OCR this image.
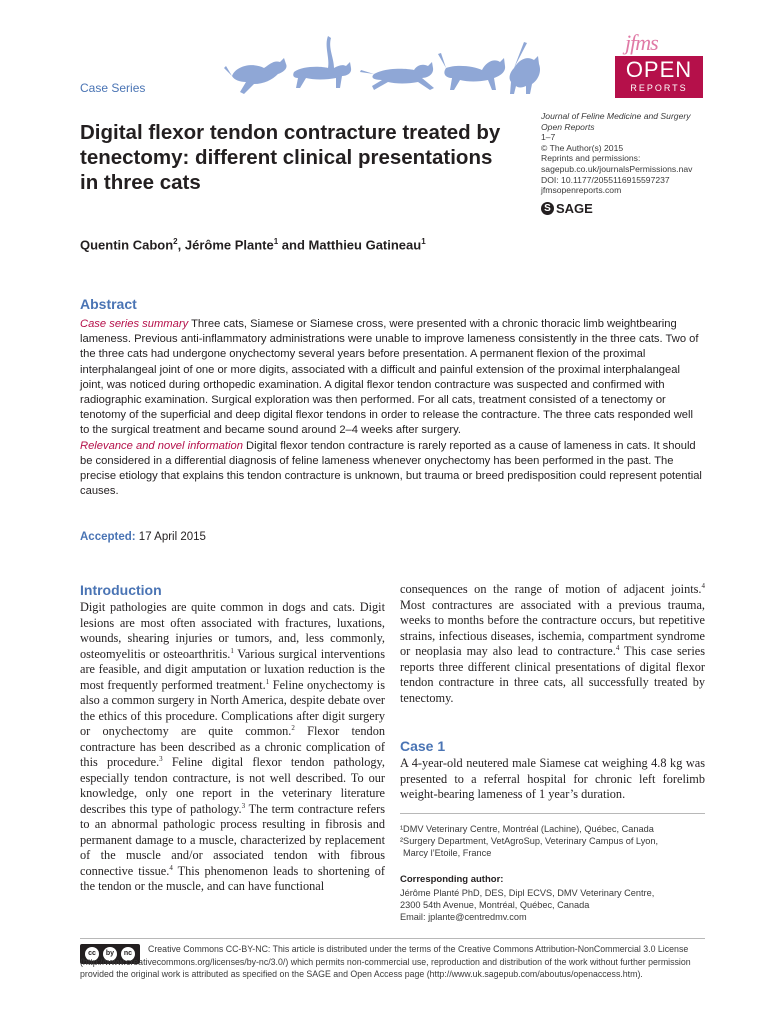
Case Series
jfms
OPEN
REPORTS
Digital flexor tendon contracture treated by tenectomy: different clinical presentations in three cats
Journal of Feline Medicine and Surgery
Open Reports
1–7
© The Author(s) 2015
Reprints and permissions:
sagepub.co.uk/journalsPermissions.nav
DOI: 10.1177/2055116915597237
jfmsopenreports.com
S SAGE
Quentin Cabon$^2$, Jérôme Plante$^1$ and Matthieu Gatineau$^1$
Abstract
Case series summary Three cats, Siamese or Siamese cross, were presented with a chronic thoracic limb weightbearing lameness. Previous anti-inflammatory administrations were unable to improve lameness consistently in the three cats. Two of the three cats had undergone onychectomy several years before presentation. A permanent flexion of the proximal interphalangeal joint of one or more digits, associated with a difficult and painful extension of the proximal interphalangeal joint, was noticed during orthopedic examination. A digital flexor tendon contracture was suspected and confirmed with radiographic examination. Surgical exploration was then performed. For all cats, treatment consisted of a tenectomy or tenotomy of the superficial and deep digital flexor tendons in order to release the contracture. The three cats responded well to the surgical treatment and became sound around 2–4 weeks after surgery.
Relevance and novel information Digital flexor tendon contracture is rarely reported as a cause of lameness in cats. It should be considered in a differential diagnosis of feline lameness whenever onychectomy has been performed in the past. The precise etiology that explains this tendon contracture is unknown, but trauma or breed predisposition could represent potential causes.
Accepted: 17 April 2015
Introduction
Digit pathologies are quite common in dogs and cats. Digit lesions are most often associated with fractures, luxations, wounds, shearing injuries or tumors, and, less commonly, osteomyelitis or osteoarthritis.$^1$ Various surgical interventions are feasible, and digit amputation or luxation reduction is the most frequently performed treatment.$^1$ Feline onychectomy is also a common surgery in North America, despite debate over the ethics of this procedure. Complications after digit surgery or onychectomy are quite common.$^2$ Flexor tendon contracture has been described as a chronic complication of this procedure.$^3$ Feline digital flexor tendon pathology, especially tendon contracture, is not well described. To our knowledge, only one report in the veterinary literature describes this type of pathology.$^3$ The term contracture refers to an abnormal pathologic process resulting in fibrosis and permanent damage to a muscle, characterized by replacement of the muscle and/or associated tendon with fibrous connective tissue.$^4$ This phenomenon leads to shortening of the tendon or the muscle, and can have functional
consequences on the range of motion of adjacent joints.$^4$ Most contractures are associated with a previous trauma, weeks to months before the contracture occurs, but repetitive strains, infectious diseases, ischemia, compartment syndrome or neoplasia may also lead to contracture.$^4$ This case series reports three different clinical presentations of digital flexor tendon contracture in three cats, all successfully treated by tenectomy.
Case 1
A 4-year-old neutered male Siamese cat weighing 4.8 kg was presented to a referral hospital for chronic left forelimb weight-bearing lameness of 1 year’s duration.
¹DMV Veterinary Centre, Montréal (Lachine), Québec, Canada
²Surgery Department, VetAgroSup, Veterinary Campus of Lyon,
Marcy l’Etoile, France
Corresponding author:
Jérôme Planté PhD, DES, Dipl ECVS, DMV Veterinary Centre,
2300 54th Avenue, Montréal, Québec, Canada
Email: jplante@centredmv.com
cc	by	nc	Creative Commons CC-BY-NC: This article is distributed under the terms of the Creative Commons Attribution-NonCommercial 3.0 License (http://www.creativecommons.org/licenses/by-nc/3.0/) which permits non-commercial use, reproduction and distribution of the work without further permission provided the original work is attributed as specified on the SAGE and Open Access page (http://www.uk.sagepub.com/aboutus/openaccess.htm).
